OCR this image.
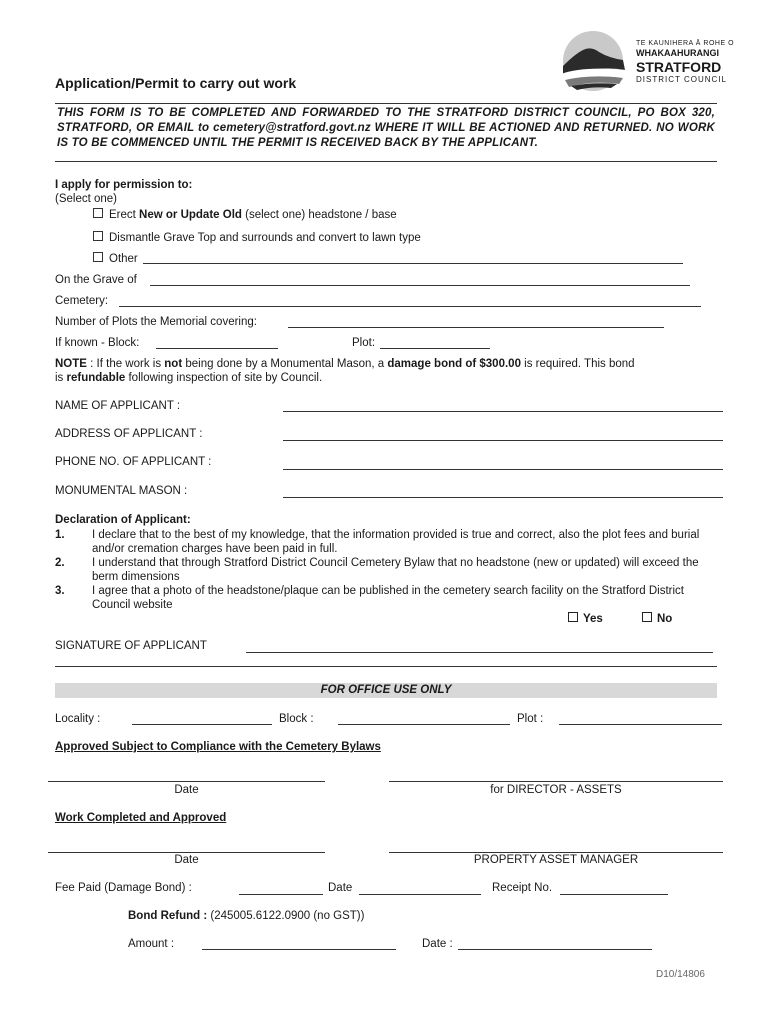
TE KAUNIHERA Ā ROHE O
WHAKAAHURANGI
STRATFORD
DISTRICT COUNCIL
Application/Permit to carry out work
THIS FORM IS TO BE COMPLETED AND FORWARDED TO THE STRATFORD DISTRICT COUNCIL, PO BOX 320, STRATFORD, OR EMAIL to cemetery@stratford.govt.nz WHERE IT WILL BE ACTIONED AND RETURNED. NO WORK IS TO BE COMMENCED UNTIL THE PERMIT IS RECEIVED BACK BY THE APPLICANT.
I apply for permission to:
(Select one)
Erect New or Update Old (select one) headstone / base
Dismantle Grave Top and surrounds and convert to lawn type
Other
On the Grave of
Cemetery:
Number of Plots the Memorial covering:
If known - Block:	Plot:
NOTE : If the work is not being done by a Monumental Mason, a damage bond of $300.00 is required. This bond
is refundable following inspection of site by Council.
NAME OF APPLICANT :
ADDRESS OF APPLICANT :
PHONE NO. OF APPLICANT :
MONUMENTAL MASON :
Declaration of Applicant:
1. I declare that to the best of my knowledge, that the information provided is true and correct, also the plot fees and burial and/or cremation charges have been paid in full.
2. I understand that through Stratford District Council Cemetery Bylaw that no headstone (new or updated) will exceed the berm dimensions
3. I agree that a photo of the headstone/plaque can be published in the cemetery search facility on the Stratford District Council website
Yes	No
SIGNATURE OF APPLICANT
FOR OFFICE USE ONLY
Locality :	Block :	Plot :
Approved Subject to Compliance with the Cemetery Bylaws
Date	for DIRECTOR - ASSETS
Work Completed and Approved
Date	PROPERTY ASSET MANAGER
Fee Paid (Damage Bond) :	Date	Receipt No.
Bond Refund : (245005.6122.0900 (no GST))
Amount :	Date :
D10/14806
